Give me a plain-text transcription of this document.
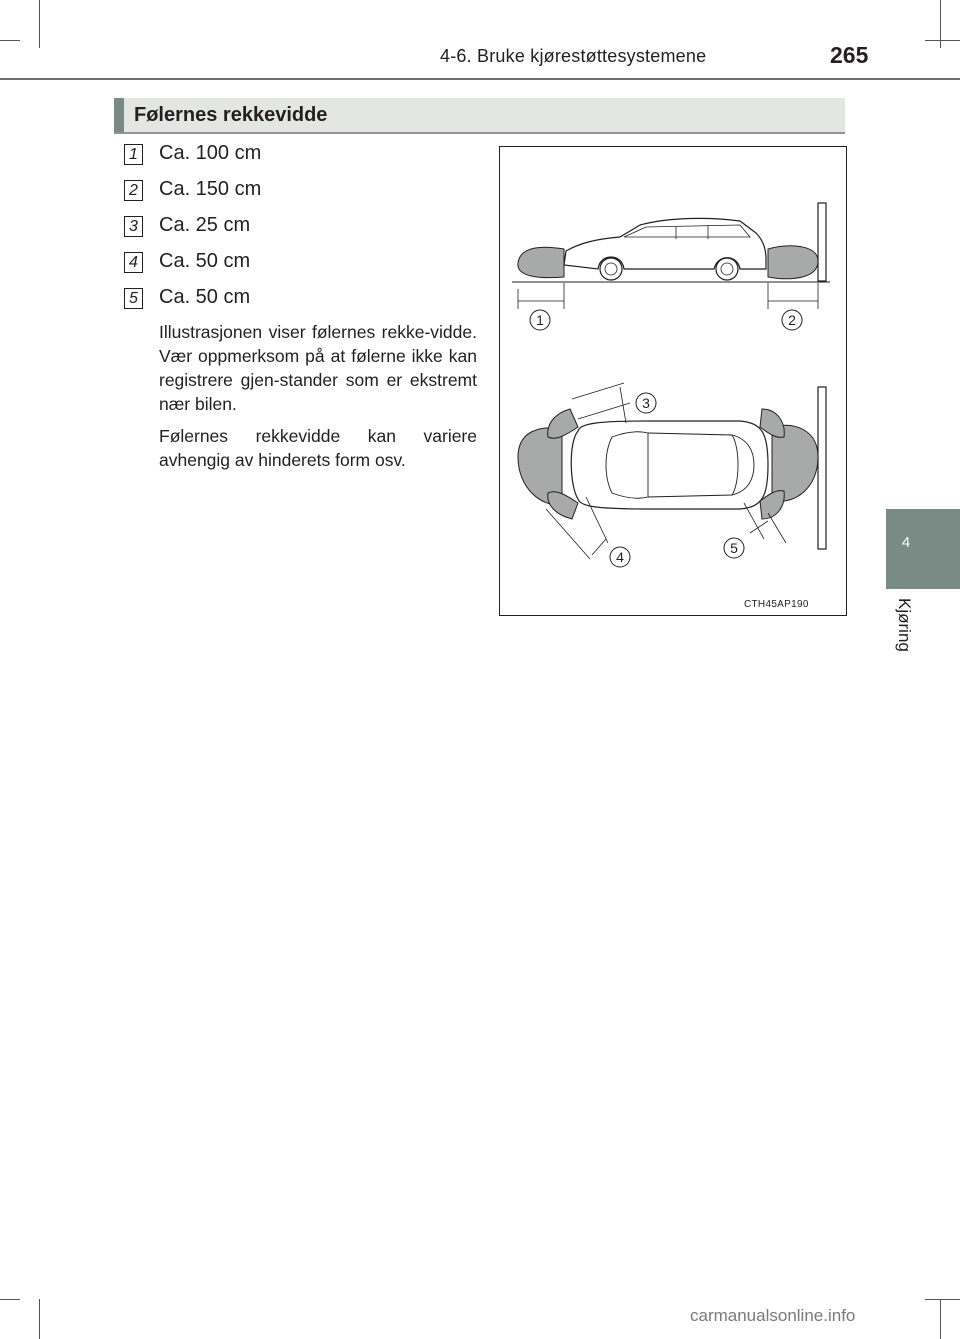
4-6. Bruke kjørestøttesystemene	265
4
Kjøring
Følernes rekkevidde
1 Ca. 100 cm
2 Ca. 150 cm
3 Ca. 25 cm
4 Ca. 50 cm
5 Ca. 50 cm
Illustrasjonen viser følernes rekke-vidde. Vær oppmerksom på at følerne ikke kan registrere gjen-stander som er ekstremt nær bilen.
Følernes rekkevidde kan variere avhengig av hinderets form osv.
1	2
3
4
5
CTH45AP190
carmanualsonline.info
